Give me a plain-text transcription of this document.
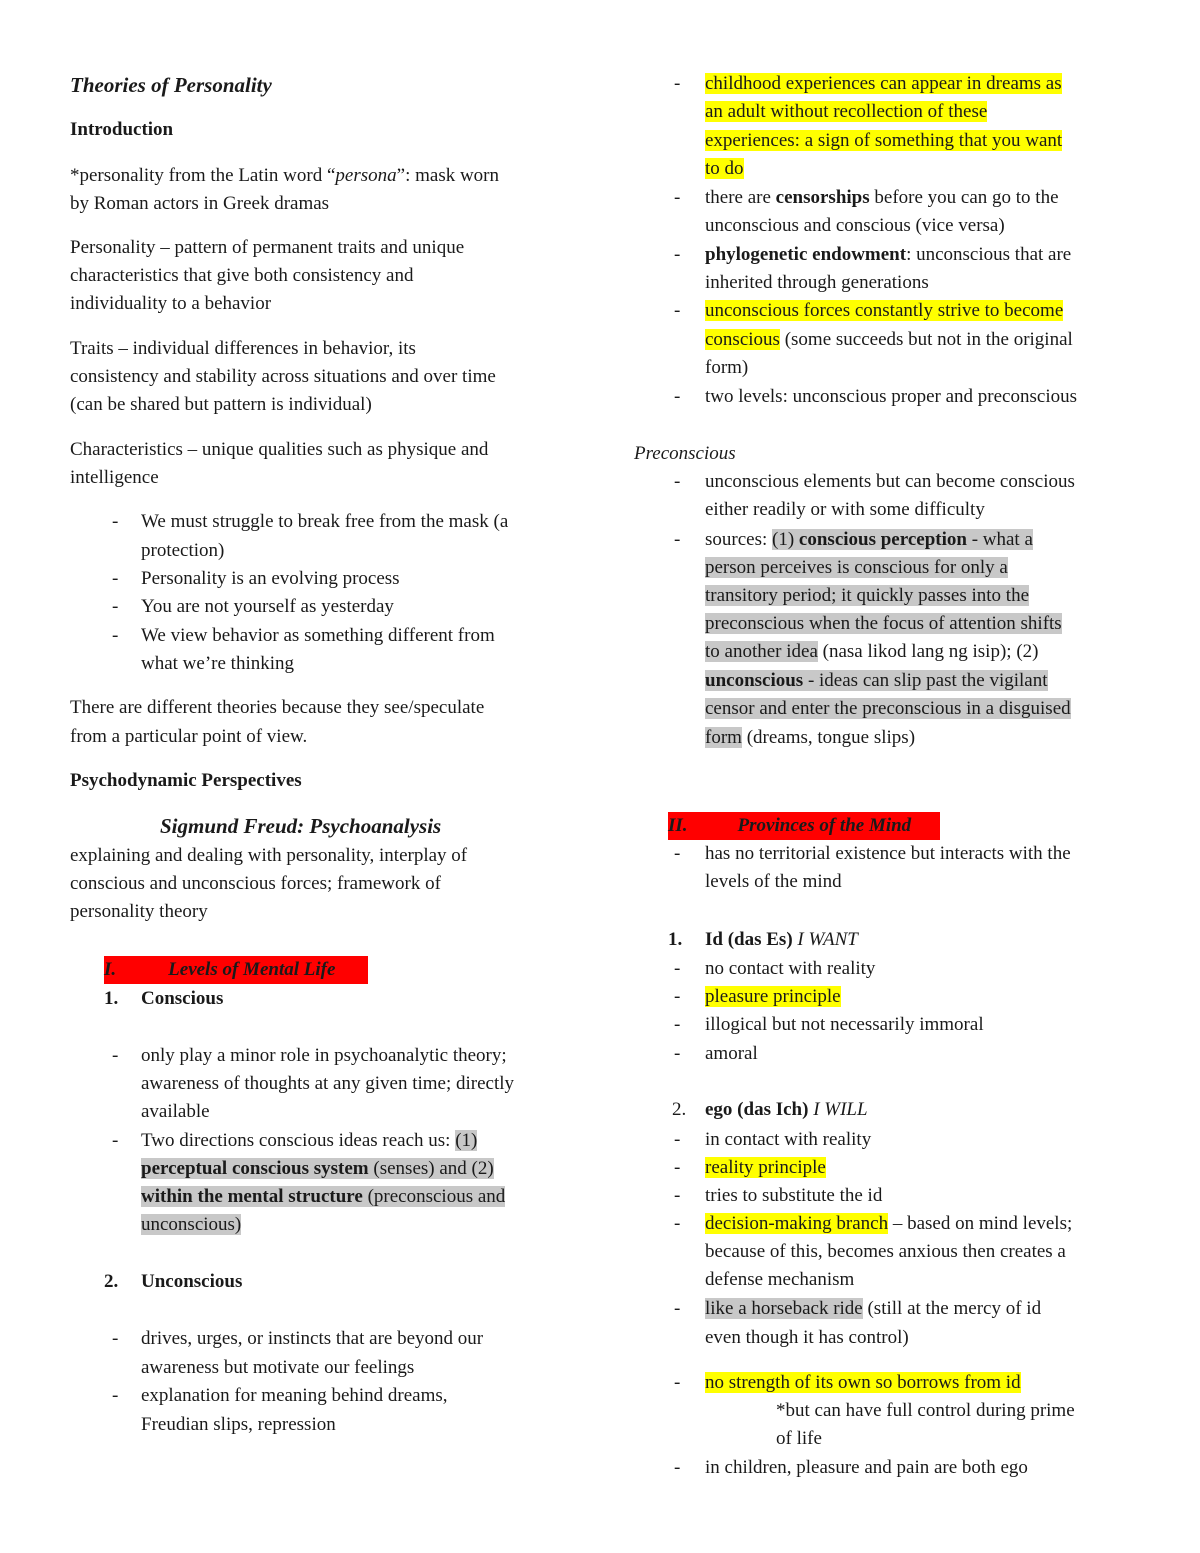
Theories of Personality
Introduction
*personality from the Latin word “persona”: mask worn
by Roman actors in Greek dramas
Personality – pattern of permanent traits and unique
characteristics that give both consistency and
individuality to a behavior
Traits – individual differences in behavior, its
consistency and stability across situations and over time
(can be shared but pattern is individual)
Characteristics – unique qualities such as physique and
intelligence
- We must struggle to break free from the mask (a
protection)
- Personality is an evolving process
- You are not yourself as yesterday
- We view behavior as something different from
what we’re thinking
There are different theories because they see/speculate
from a particular point of view.
Psychodynamic Perspectives
Sigmund Freud: Psychoanalysis
explaining and dealing with personality, interplay of
conscious and unconscious forces; framework of
personality theory
I.	Levels of Mental Life
1. Conscious
- only play a minor role in psychoanalytic theory;
awareness of thoughts at any given time; directly
available
- Two directions conscious ideas reach us: (1)
perceptual conscious system (senses) and (2)
within the mental structure (preconscious and
unconscious)
2. Unconscious
- drives, urges, or instincts that are beyond our
awareness but motivate our feelings
- explanation for meaning behind dreams,
Freudian slips, repression
- childhood experiences can appear in dreams as
an adult without recollection of these
experiences: a sign of something that you want
to do
- there are censorships before you can go to the
unconscious and conscious (vice versa)
- phylogenetic endowment: unconscious that are
inherited through generations
- unconscious forces constantly strive to become
conscious (some succeeds but not in the original
form)
- two levels: unconscious proper and preconscious
Preconscious
- unconscious elements but can become conscious
either readily or with some difficulty
- sources: (1) conscious perception - what a
person perceives is conscious for only a
transitory period; it quickly passes into the
preconscious when the focus of attention shifts
to another idea (nasa likod lang ng isip); (2)
unconscious - ideas can slip past the vigilant
censor and enter the preconscious in a disguised
form (dreams, tongue slips)
II.	Provinces of the Mind
- has no territorial existence but interacts with the
levels of the mind
1. Id (das Es) I WANT
- no contact with reality
- pleasure principle
- illogical but not necessarily immoral
- amoral
2. ego (das Ich) I WILL
- in contact with reality
- reality principle
- tries to substitute the id
- decision-making branch – based on mind levels;
because of this, becomes anxious then creates a
defense mechanism
- like a horseback ride (still at the mercy of id
even though it has control)
- no strength of its own so borrows from id
*but can have full control during prime
of life
- in children, pleasure and pain are both ego
